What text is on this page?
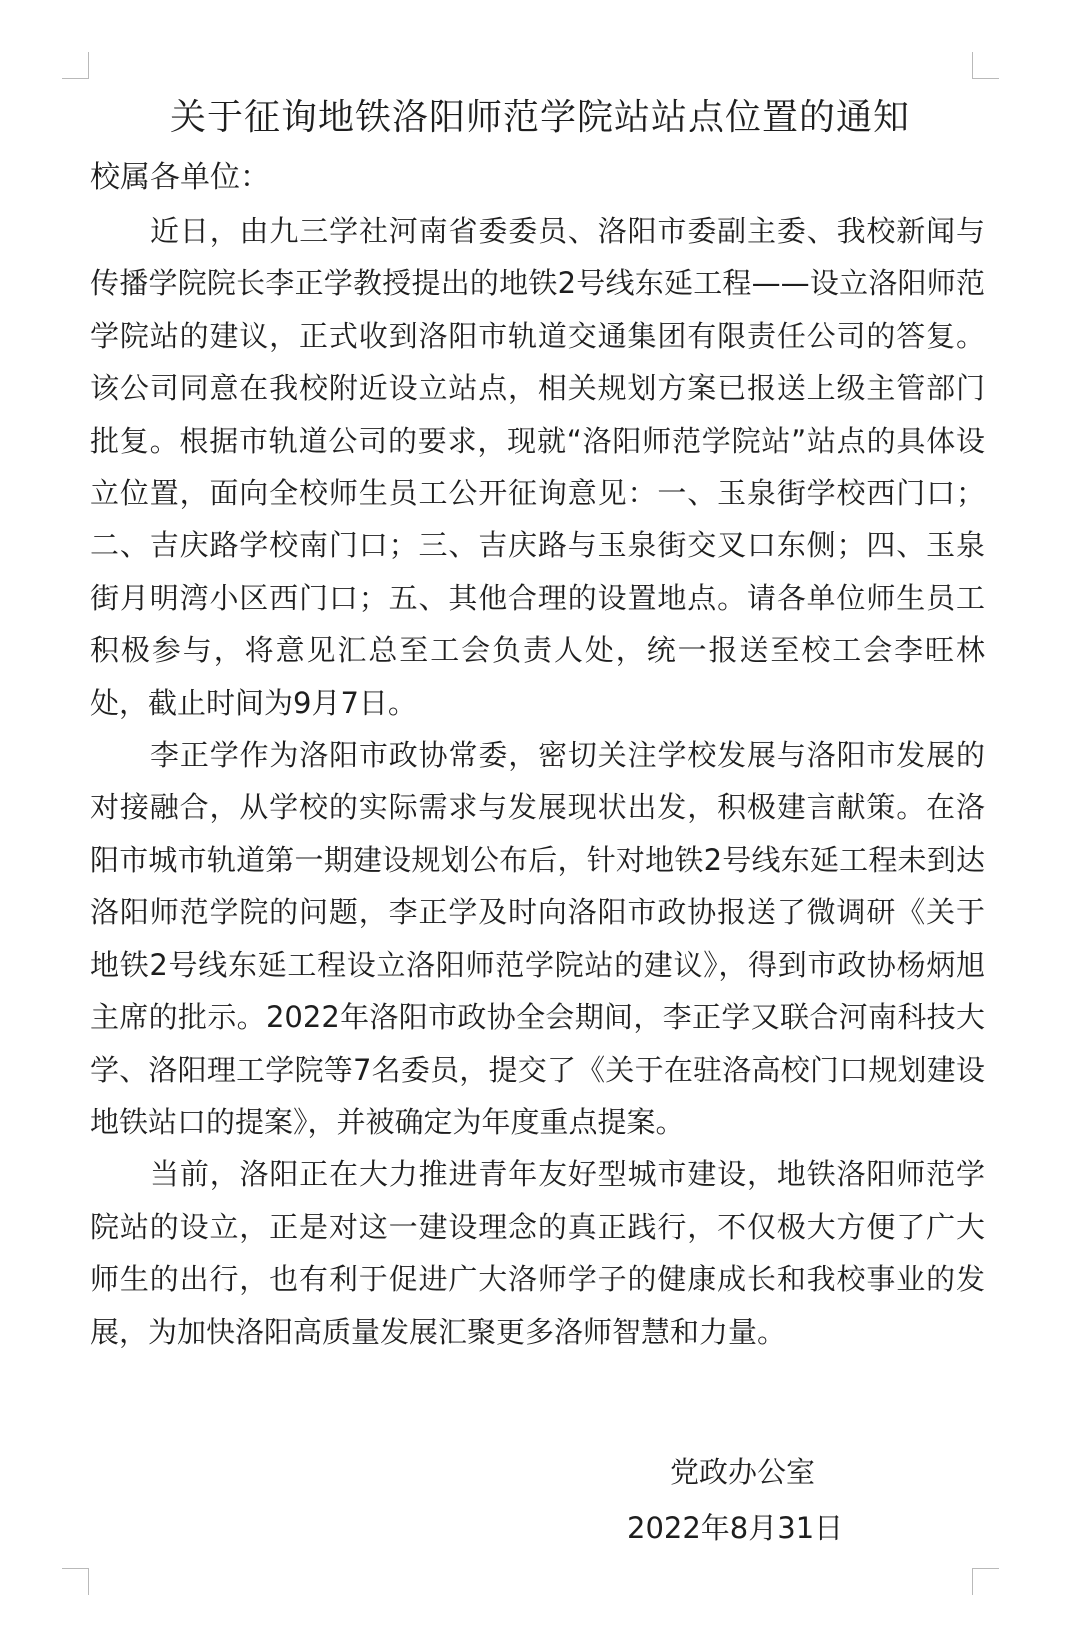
关于征询地铁洛阳师范学院站站点位置的通知
校属各单位：

近日，由九三学社河南省委委员、洛阳市委副主委、我校新闻与传播学院院长李正学教授提出的地铁2号线东延工程——设立洛阳师范学院站的建议，正式收到洛阳市轨道交通集团有限责任公司的答复。该公司同意在我校附近设立站点，相关规划方案已报送上级主管部门批复。根据市轨道公司的要求，现就“洛阳师范学院站”站点的具体设立位置，面向全校师生员工公开征询意见：一、玉泉街学校西门口；二、吉庆路学校南门口；三、吉庆路与玉泉街交叉口东侧；四、玉泉街月明湾小区西门口；五、其他合理的设置地点。请各单位师生员工积极参与，将意见汇总至工会负责人处，统一报送至校工会李旺林处，截止时间为9月7日。

李正学作为洛阳市政协常委，密切关注学校发展与洛阳市发展的对接融合，从学校的实际需求与发展现状出发，积极建言献策。在洛阳市城市轨道第一期建设规划公布后，针对地铁2号线东延工程未到达洛阳师范学院的问题，李正学及时向洛阳市政协报送了微调研《关于地铁2号线东延工程设立洛阳师范学院站的建议》，得到市政协杨炳旭主席的批示。2022年洛阳市政协全会期间，李正学又联合河南科技大学、洛阳理工学院等7名委员，提交了《关于在驻洛高校门口规划建设地铁站口的提案》，并被确定为年度重点提案。

当前，洛阳正在大力推进青年友好型城市建设，地铁洛阳师范学院站的设立，正是对这一建设理念的真正践行，不仅极大方便了广大师生的出行，也有利于促进广大洛师学子的健康成长和我校事业的发展，为加快洛阳高质量发展汇聚更多洛师智慧和力量。

党政办公室
2022年8月31日
